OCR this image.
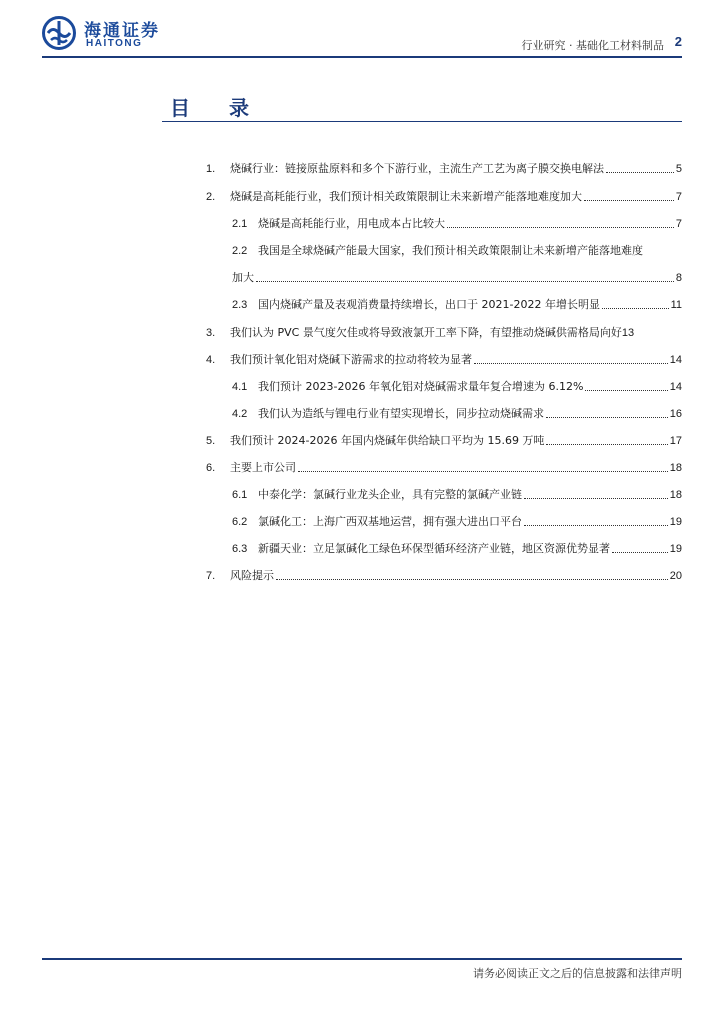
海通证券
HAITONG	行业研究 · 基础化工材料制品 2
目 录
1.	烧碱行业：链接原盐原料和多个下游行业，主流生产工艺为离子膜交换电解法	5
2.	烧碱是高耗能行业，我们预计相关政策限制让未来新增产能落地难度加大	7
2.1 烧碱是高耗能行业，用电成本占比较大	7
2.2 我国是全球烧碱产能最大国家，我们预计相关政策限制让未来新增产能落地难度
加大	8
2.3 国内烧碱产量及表观消费量持续增长，出口于 2021-2022 年增长明显	11
3.	我们认为 PVC 景气度欠佳或将导致液氯开工率下降，有望推动烧碱供需格局向好 13
4.	我们预计氧化铝对烧碱下游需求的拉动将较为显著	14
4.1 我们预计 2023-2026 年氧化铝对烧碱需求量年复合增速为 6.12%	14
4.2 我们认为造纸与锂电行业有望实现增长，同步拉动烧碱需求	16
5.	我们预计 2024-2026 年国内烧碱年供给缺口平均为 15.69 万吨	17
6.	主要上市公司	18
6.1 中泰化学：氯碱行业龙头企业，具有完整的氯碱产业链	18
6.2 氯碱化工：上海广西双基地运营，拥有强大进出口平台	19
6.3 新疆天业：立足氯碱化工绿色环保型循环经济产业链，地区资源优势显著	19
7.	风险提示	20
请务必阅读正文之后的信息披露和法律声明
